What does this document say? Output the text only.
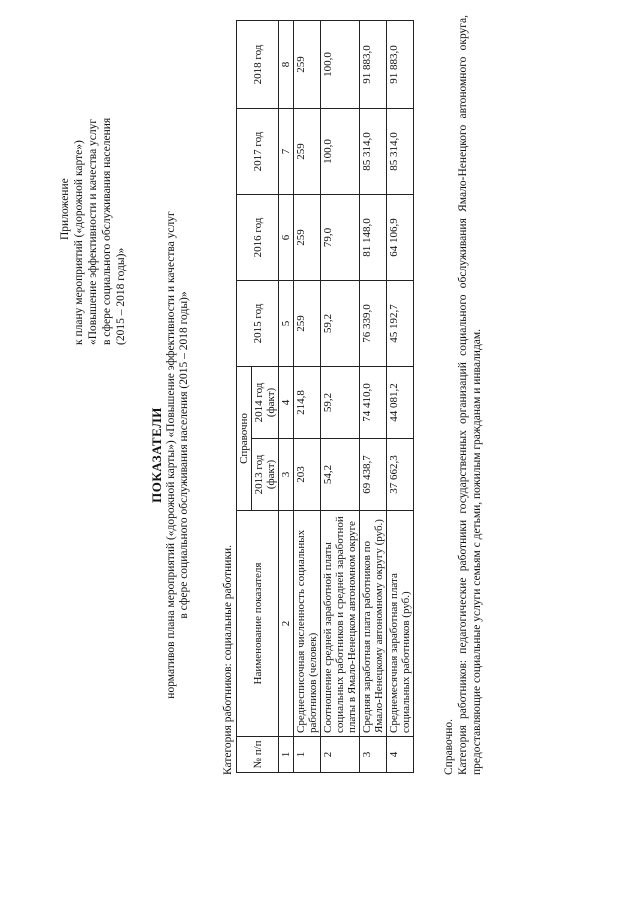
Приложение к плану мероприятий («дорожной карте») «Повышение эффективности и качества услуг в сфере социального обслуживания населения (2015 – 2018 годы)»
ПОКАЗАТЕЛИ нормативов плана мероприятий («дорожной карты») «Повышение эффективности и качества услуг в сфере социального обслуживания населения (2015 – 2018 годы)»
Категория работников: социальные работники. № п/п	Наименование показателя	Справочно		2015 год	2016 год	2017 год	2018 год
		2013 год (факт)	2014 год (факт)				
1	2	3	4	5	6	7	8
1	Среднесписочная численность социальных работников (человек)	203	214,8	259	259	259	259
2	Соотношение средней заработной платы социальных работников и средней заработной платы в Ямало-Ненецком автономном округе	54,2	59,2	59,2	79,0	100,0	100,0
3	Средняя заработная плата работников по Ямало-Ненецкому автономному округу (руб.)	69 438,7	74 410,0	76 339,0	81 148,0	85 314,0	91 883,0
4	Среднемесячная заработная плата социальных работников (руб.)	37 662,3	44 081,2	45 192,7	64 106,9	85 314,0	91 883,0
Справочно. Категория работников: педагогические работники государственных организаций социального обслуживания Ямало-Ненецкого автономного округа, предоставляющие социальные услуги семьям с детьми, пожилым гражданам и инвалидам.
